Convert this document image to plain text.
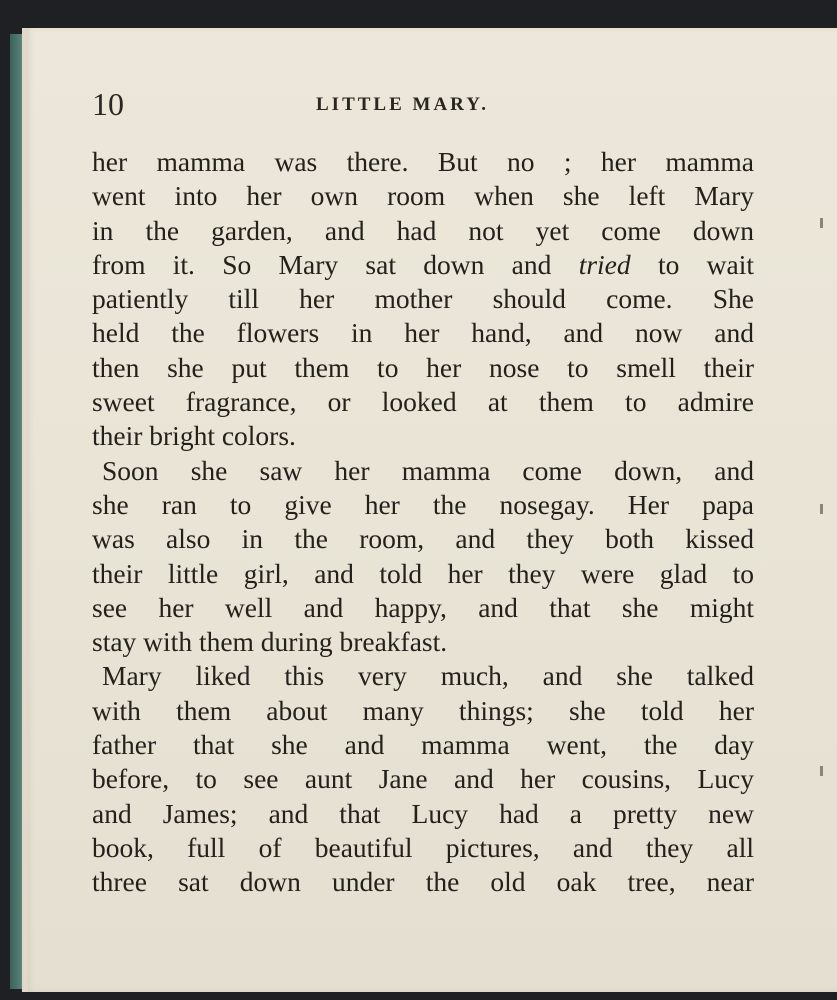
10	LITTLE MARY.
her mamma was there. But no ; her mamma
went into her own room when she left Mary
in the garden, and had not yet come down
from it. So Mary sat down and tried to wait
patiently till her mother should come. She
held the flowers in her hand, and now and
then she put them to her nose to smell their
sweet fragrance, or looked at them to admire
their bright colors.
Soon she saw her mamma come down, and
she ran to give her the nosegay. Her papa
was also in the room, and they both kissed
their little girl, and told her they were glad to
see her well and happy, and that she might
stay with them during breakfast.
Mary liked this very much, and she talked
with them about many things; she told her
father that she and mamma went, the day
before, to see aunt Jane and her cousins, Lucy
and James; and that Lucy had a pretty new
book, full of beautiful pictures, and they all
three sat down under the old oak tree, near
